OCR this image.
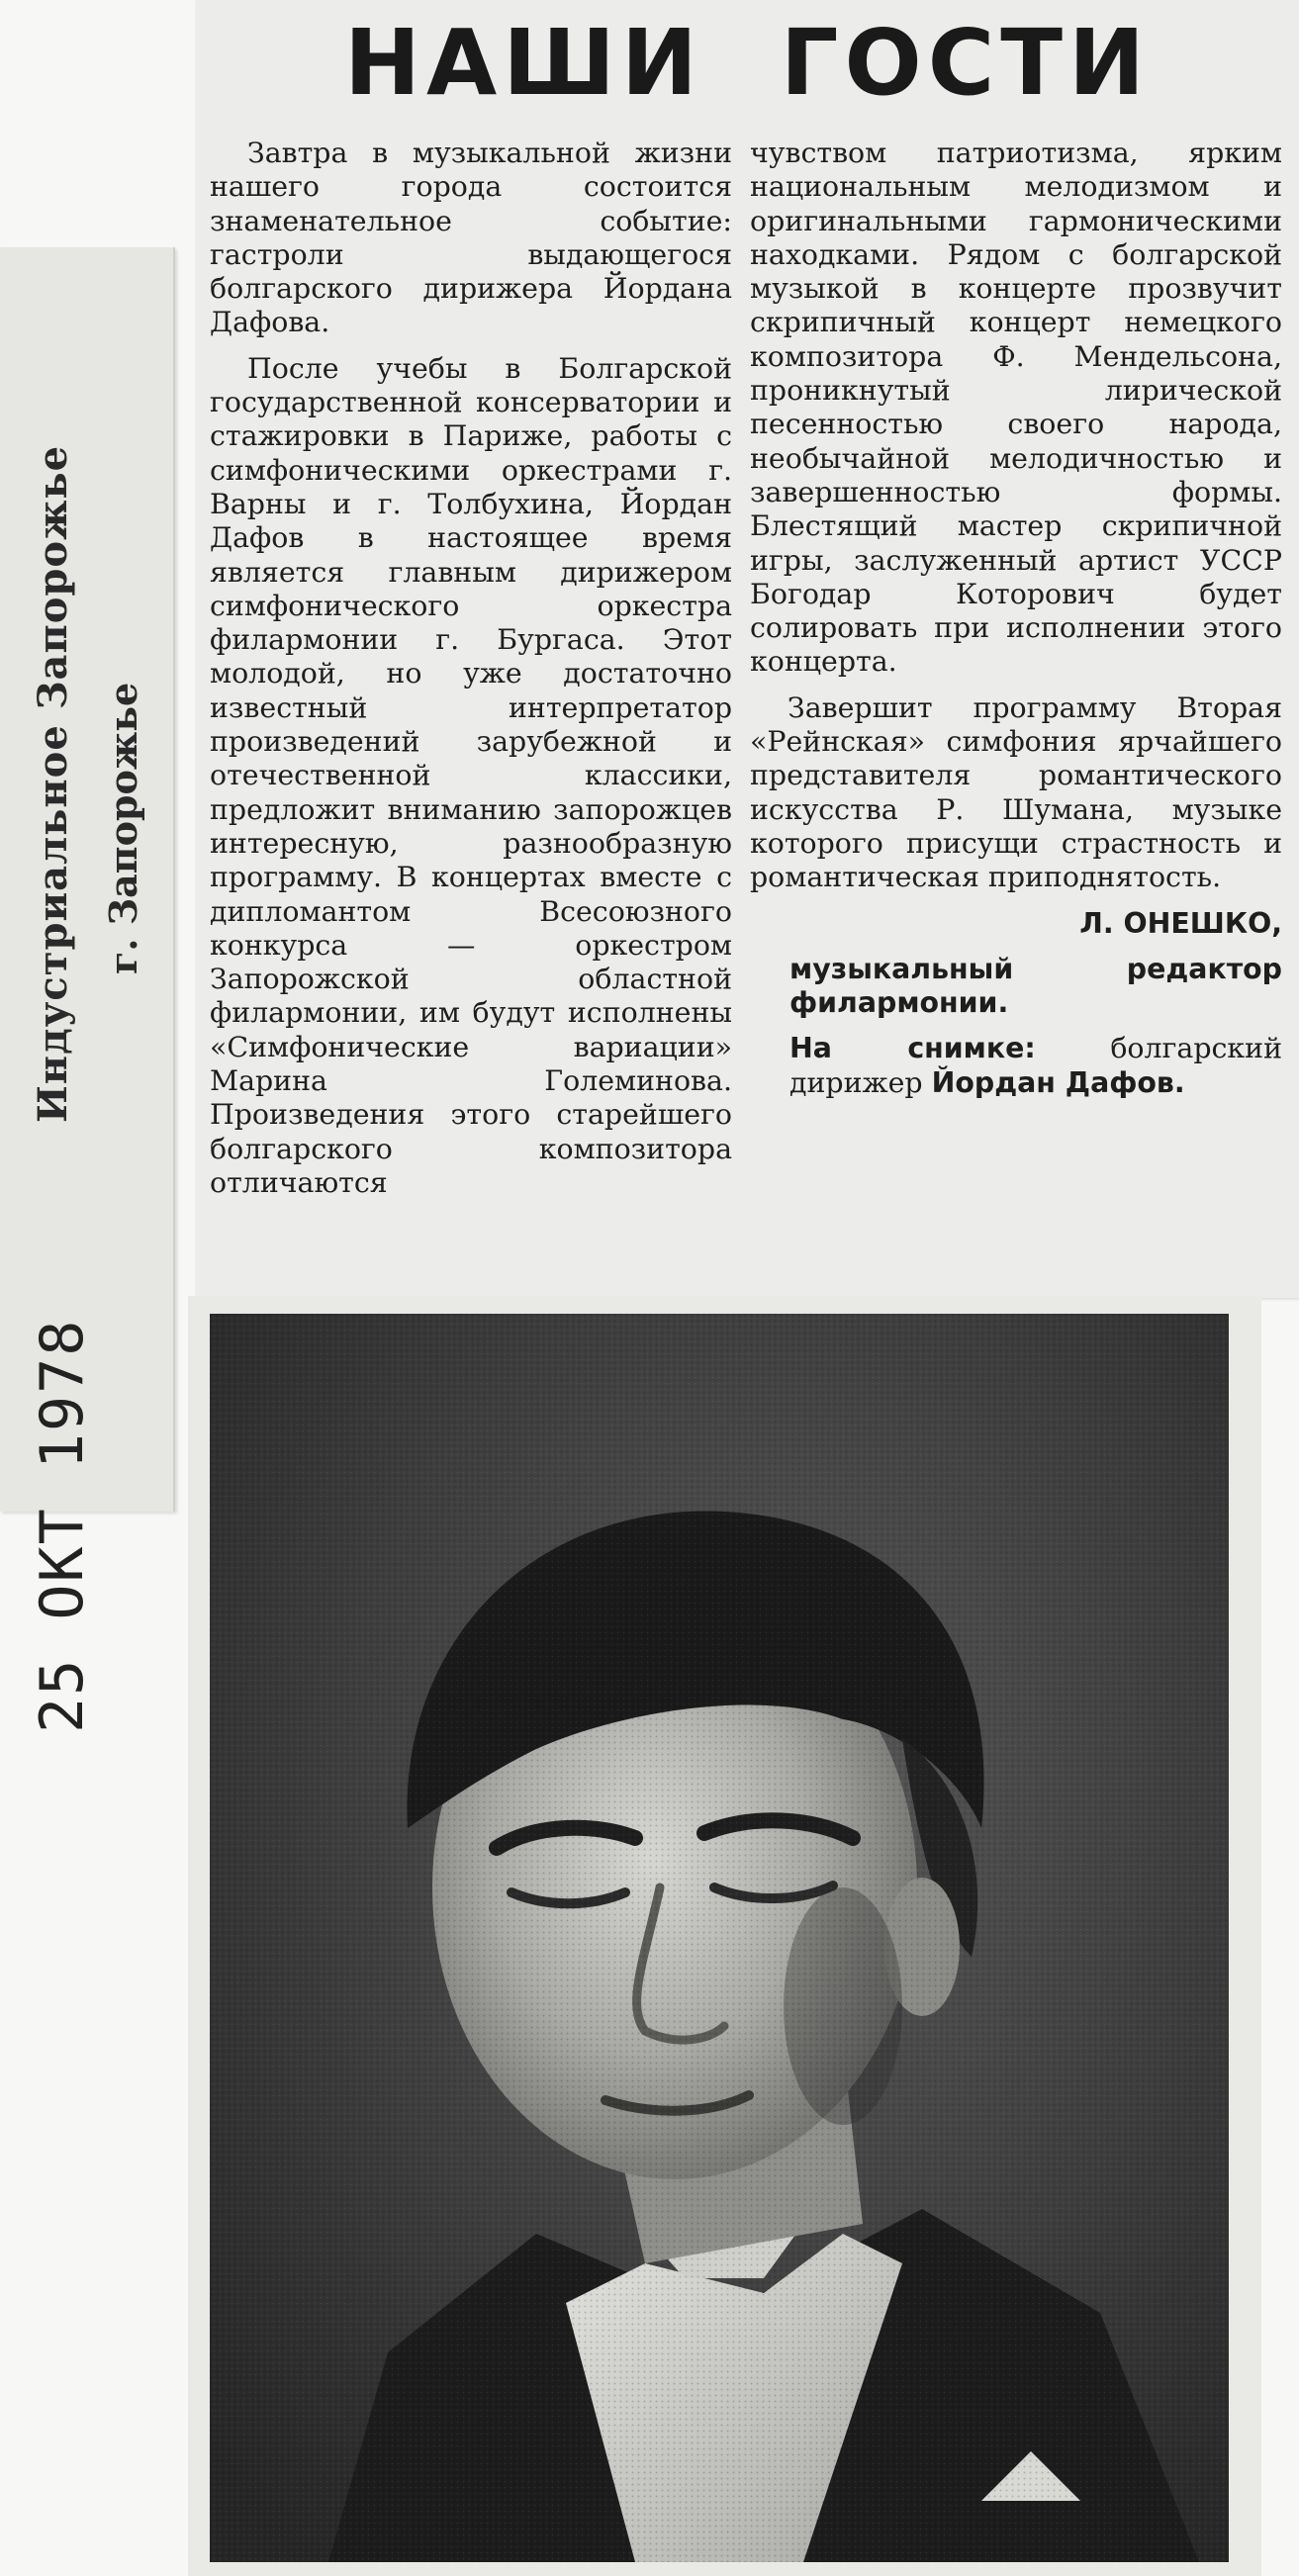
Индустриальное Запорожье г. Запорожье
25 ОКТ 1978
НАШИ ГОСТИ

Завтра в музыкальной жизни нашего города состоится знаменательное событие: гастроли выдающегося болгарского дирижера Йордана Дафова.

После учебы в Болгарской государственной консерватории и стажировки в Париже, работы с симфоническими оркестрами г. Варны и г. Толбухина, Йордан Дафов в настоящее время является главным дирижером симфонического оркестра филармонии г. Бургаса. Этот молодой, но уже достаточно известный интерпретатор произведений зарубежной и отечественной классики, предложит вниманию запорожцев интересную, разнообразную программу. В концертах вместе с дипломантом Всесоюзного конкурса — оркестром Запорожской областной филармонии, им будут исполнены «Симфонические вариации» Марина Големинова. Произведения этого старейшего болгарского композитора отличаются

чувством патриотизма, ярким национальным мелодизмом и оригинальными гармоническими находками. Рядом с болгарской музыкой в концерте прозвучит скрипичный концерт немецкого композитора Ф. Мендельсона, проникнутый лирической песенностью своего народа, необычайной мелодичностью и завершенностью формы. Блестящий мастер скрипичной игры, заслуженный артист УССР Богодар Которович будет солировать при исполнении этого концерта.

Завершит программу Вторая «Рейнская» симфония ярчайшего представителя романтического искусства Р. Шумана, музыке которого присущи страстность и романтическая приподнятость.

Л. ОНЕШКО,

музыкальный редактор филармонии.

На снимке:	болгарский дирижер Йордан Дафов.
